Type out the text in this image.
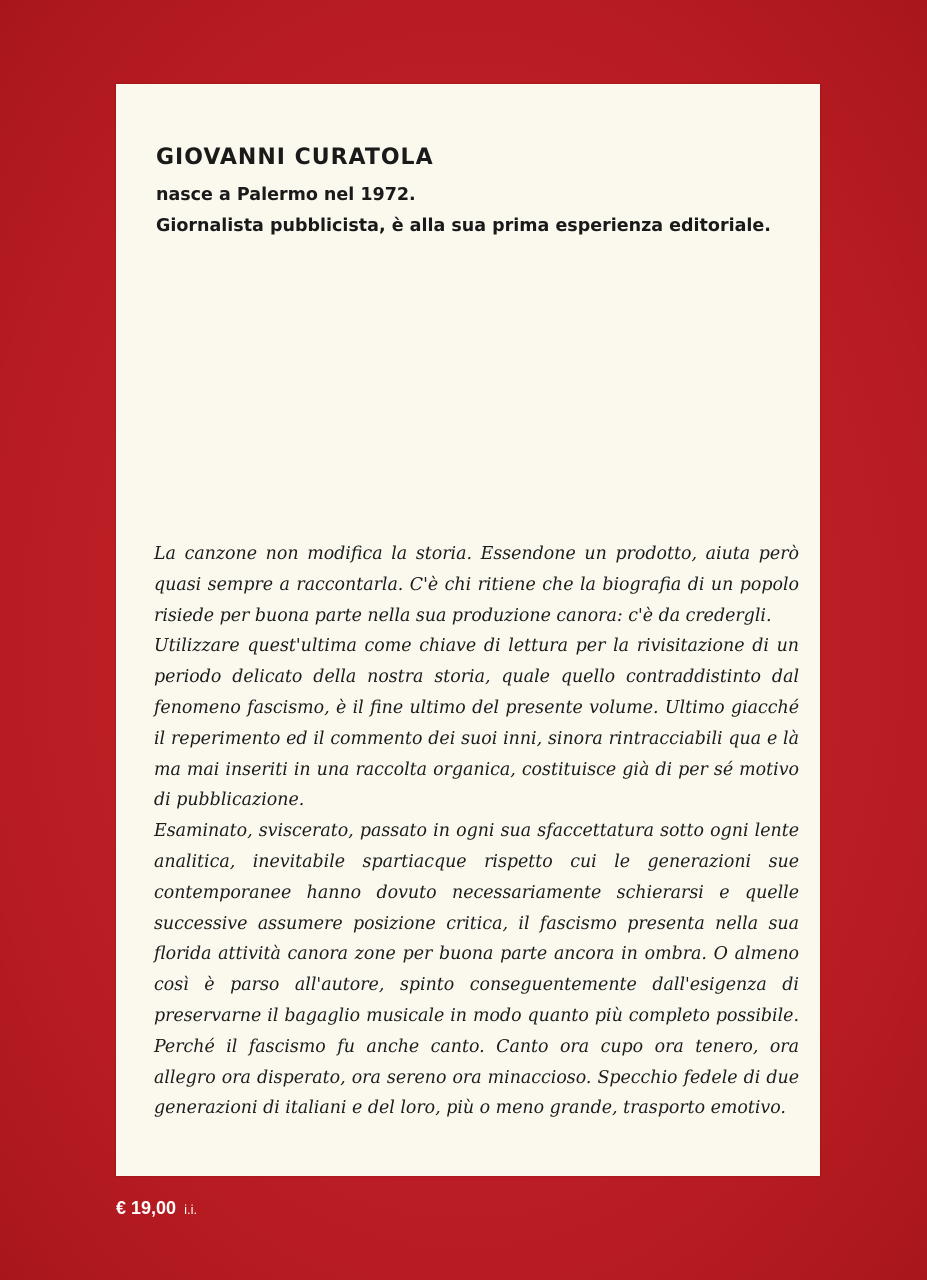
GIOVANNI CURATOLA
nasce a Palermo nel 1972.
Giornalista pubblicista, è alla sua prima esperienza editoriale.

La canzone non modifica la storia. Essendone un prodotto, aiuta però quasi sempre a raccontarla. C'è chi ritiene che la biografia di un popolo risiede per buona parte nella sua produzione canora: c'è da credergli.

Utilizzare quest'ultima come chiave di lettura per la rivisitazione di un periodo delicato della nostra storia, quale quello contraddistinto dal fenomeno fascismo, è il fine ultimo del presente volume. Ultimo giacché il reperimento ed il commento dei suoi inni, sinora rintracciabili qua e là ma mai inseriti in una raccolta organica, costituisce già di per sé motivo di pubblicazione.

Esaminato, sviscerato, passato in ogni sua sfaccettatura sotto ogni lente analitica, inevitabile spartiacque rispetto cui le generazioni sue contemporanee hanno dovuto necessariamente schierarsi e quelle successive assumere posizione critica, il fascismo presenta nella sua florida attività canora zone per buona parte ancora in ombra. O almeno così è parso all'autore, spinto conseguentemente dall'esigenza di preservarne il bagaglio musicale in modo quanto più completo possibile. Perché il fascismo fu anche canto. Canto ora cupo ora tenero, ora allegro ora disperato, ora sereno ora minaccioso. Specchio fedele di due generazioni di italiani e del loro, più o meno grande, trasporto emotivo.

€ 19,00 i.i.
